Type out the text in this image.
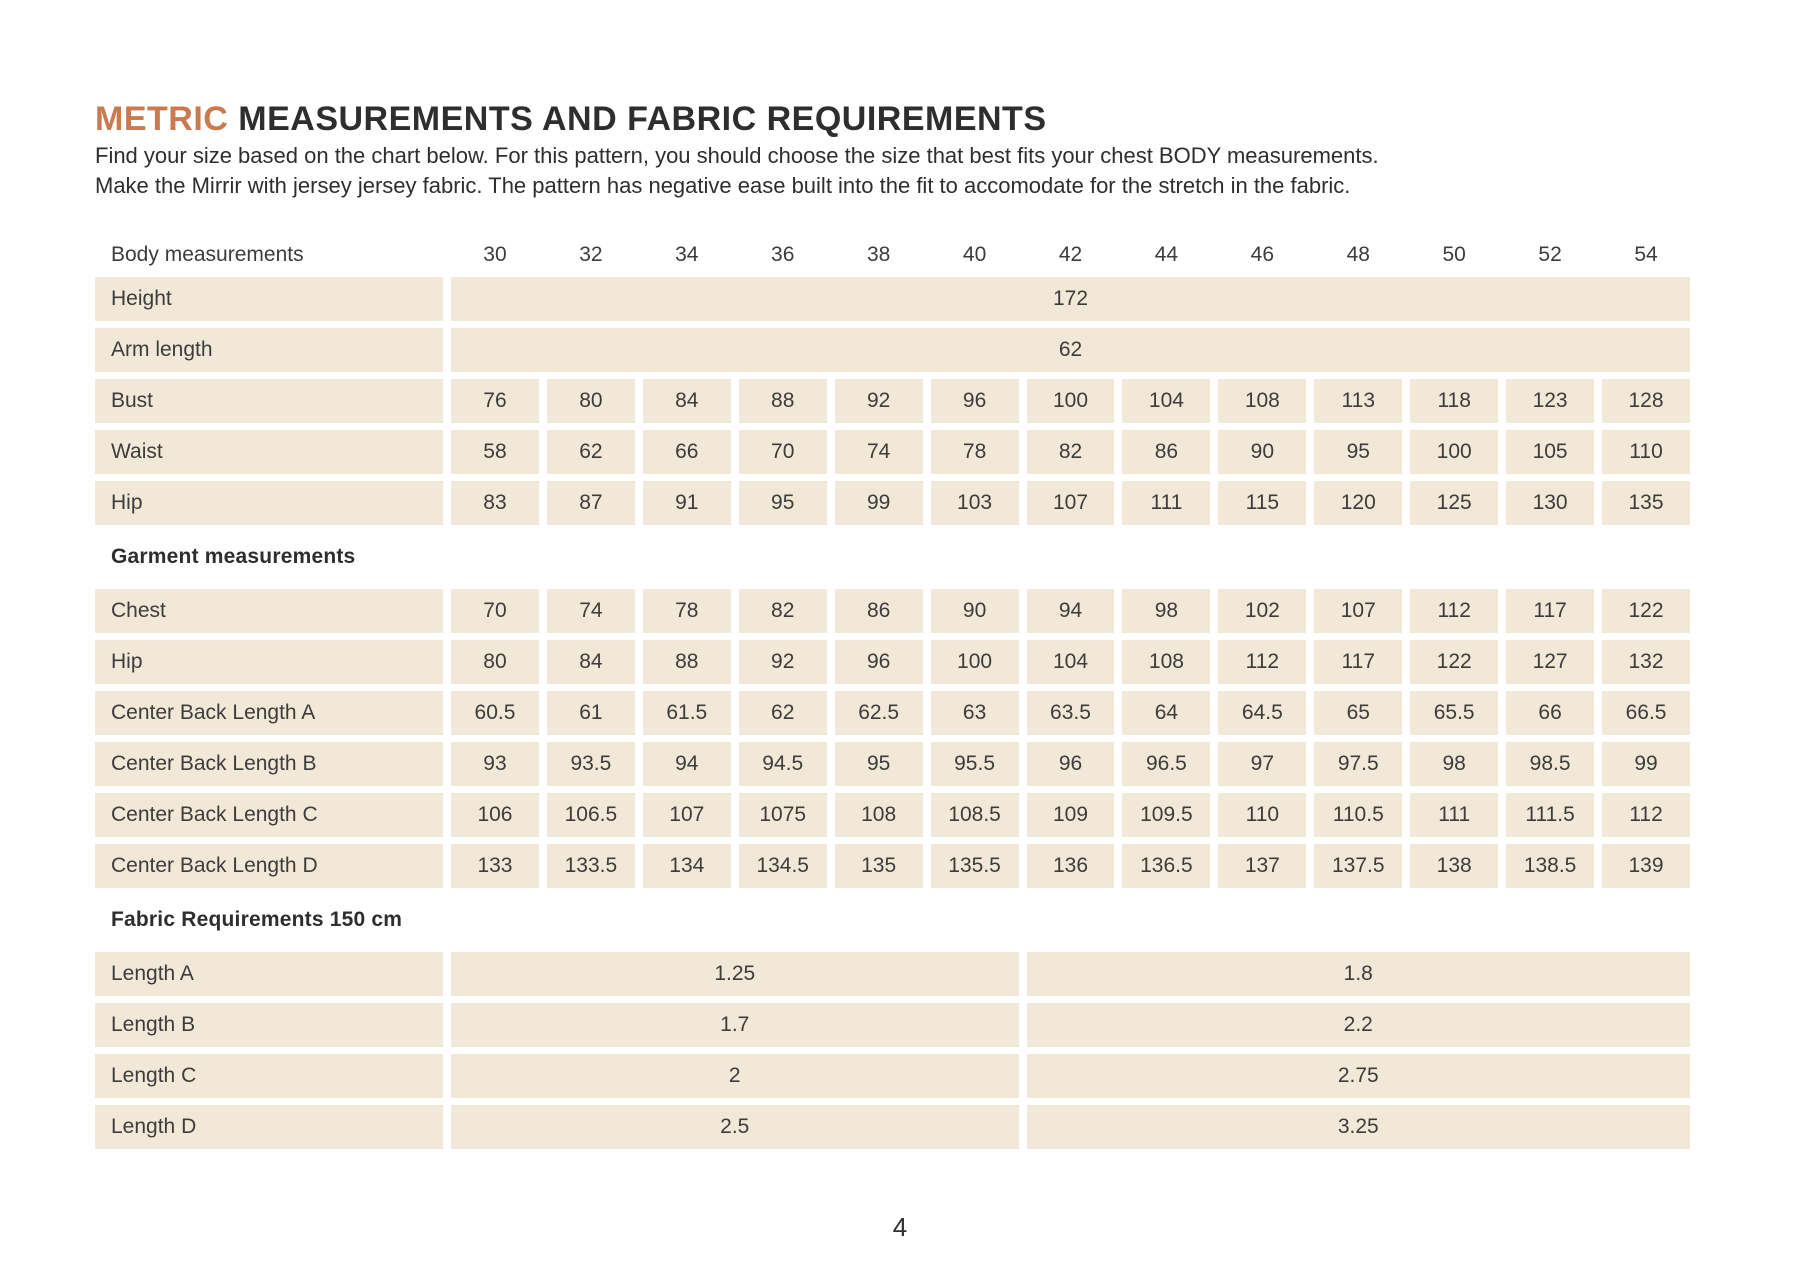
METRIC MEASUREMENTS AND FABRIC REQUIREMENTS

Find your size based on the chart below. For this pattern, you should choose the size that best fits your chest BODY measurements.

Make the Mirrir with jersey jersey fabric. The pattern has negative ease built into the fit to accomodate for the stretch in the fabric.

Body measurements	30	32	34	36	38	40	42	44	46	48	50	52	54
Height	172
Arm length	62
Bust	76	80	84	88	92	96	100	104	108	113	118	123	128
Waist	58	62	66	70	74	78	82	86	90	95	100	105	110
Hip	83	87	91	95	99	103	107	111	115	120	125	130	135
Garment measurements
Chest	70	74	78	82	86	90	94	98	102	107	112	117	122
Hip	80	84	88	92	96	100	104	108	112	117	122	127	132
Center Back Length A	60.5	61	61.5	62	62.5	63	63.5	64	64.5	65	65.5	66	66.5
Center Back Length B	93	93.5	94	94.5	95	95.5	96	96.5	97	97.5	98	98.5	99
Center Back Length C	106	106.5	107	1075	108	108.5	109	109.5	110	110.5	111	111.5	112
Center Back Length D	133	133.5	134	134.5	135	135.5	136	136.5	137	137.5	138	138.5	139
Fabric Requirements 150 cm
Length A	1.25	1.8
Length B	1.7	2.2
Length C	2	2.75
Length D	2.5	3.25
4
